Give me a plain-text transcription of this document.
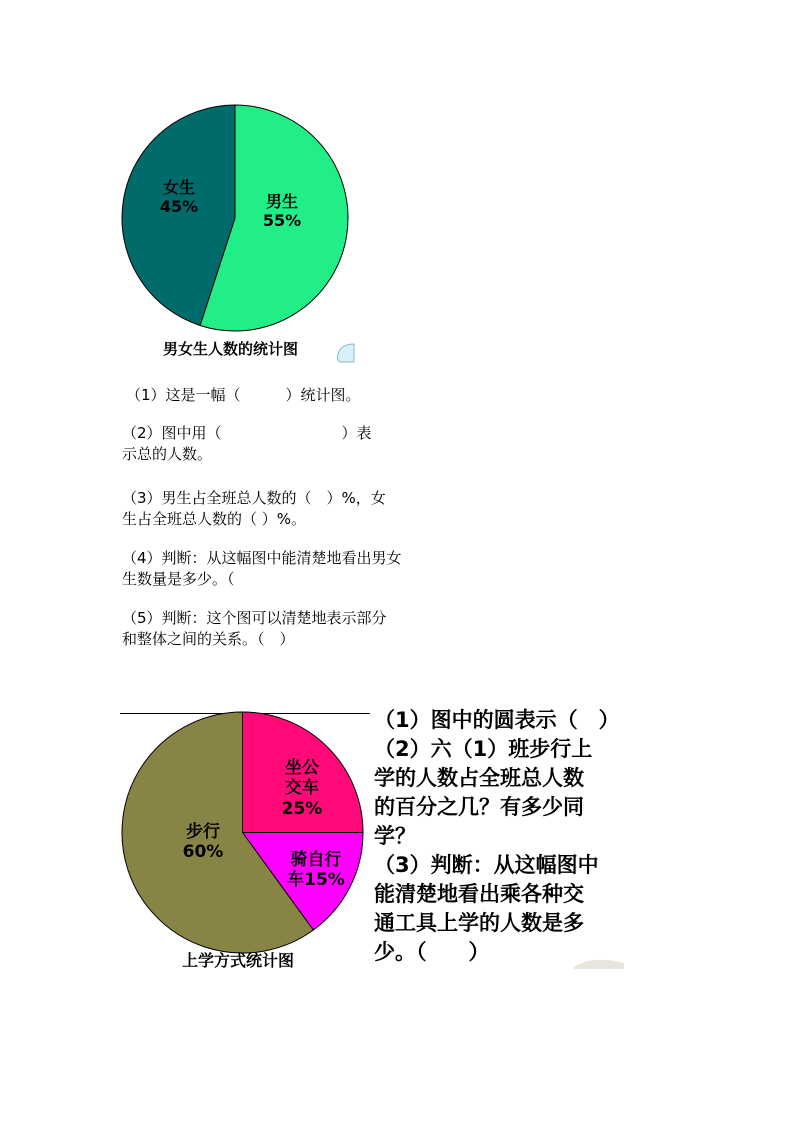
女生
45%	男生
55%
男女生人数的统计图
（1）这是一幅（　　　）统计图。
（2）图中用（　　　　　　　　）表
示总的人数。
（3）男生占全班总人数的（　）%，女
生占全班总人数的（ ）%。
（4）判断：从这幅图中能清楚地看出男女
生数量是多少。（
（5）判断：这个图可以清楚地表示部分
和整体之间的关系。（　）
坐公
交车
25%
骑自行
车15%
步行
60%
上学方式统计图
（1）图中的圆表示（　）
（2）六（1）班步行上
学的人数占全班总人数
的百分之几？有多少同
学？
（3）判断：从这幅图中
能清楚地看出乘各种交
通工具上学的人数是多
少。（　　）
